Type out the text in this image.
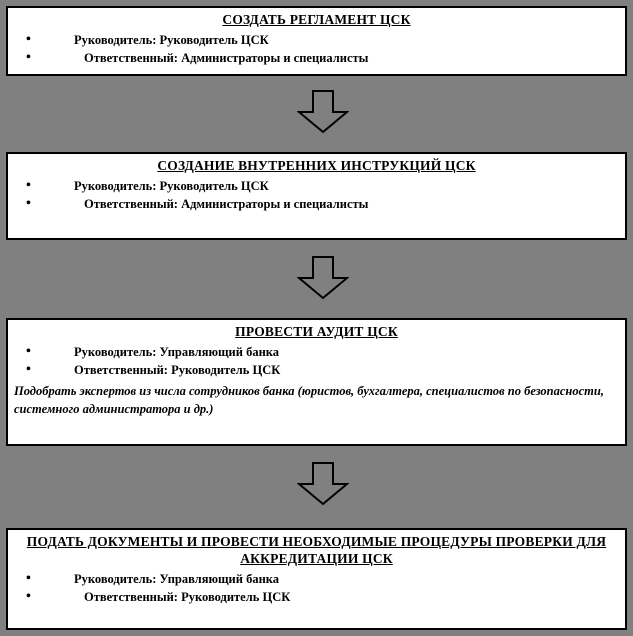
СОЗДАТЬ РЕГЛАМЕНТ ЦСК
• Руководитель: Руководитель ЦСК
• Ответственный: Администраторы и специалисты
СОЗДАНИЕ ВНУТРЕННИХ ИНСТРУКЦИЙ ЦСК
• Руководитель: Руководитель ЦСК
• Ответственный: Администраторы и специалисты
ПРОВЕСТИ АУДИТ ЦСК
• Руководитель: Управляющий банка
• Ответственный: Руководитель ЦСК
Подобрать экспертов из числа сотрудников банка (юристов, бухгалтера, специалистов по безопасности, системного администратора и др.)
ПОДАТЬ ДОКУМЕНТЫ И ПРОВЕСТИ НЕОБХОДИМЫЕ ПРОЦЕДУРЫ ПРОВЕРКИ ДЛЯ АККРЕДИТАЦИИ ЦСК
• Руководитель: Управляющий банка
• Ответственный: Руководитель ЦСК
